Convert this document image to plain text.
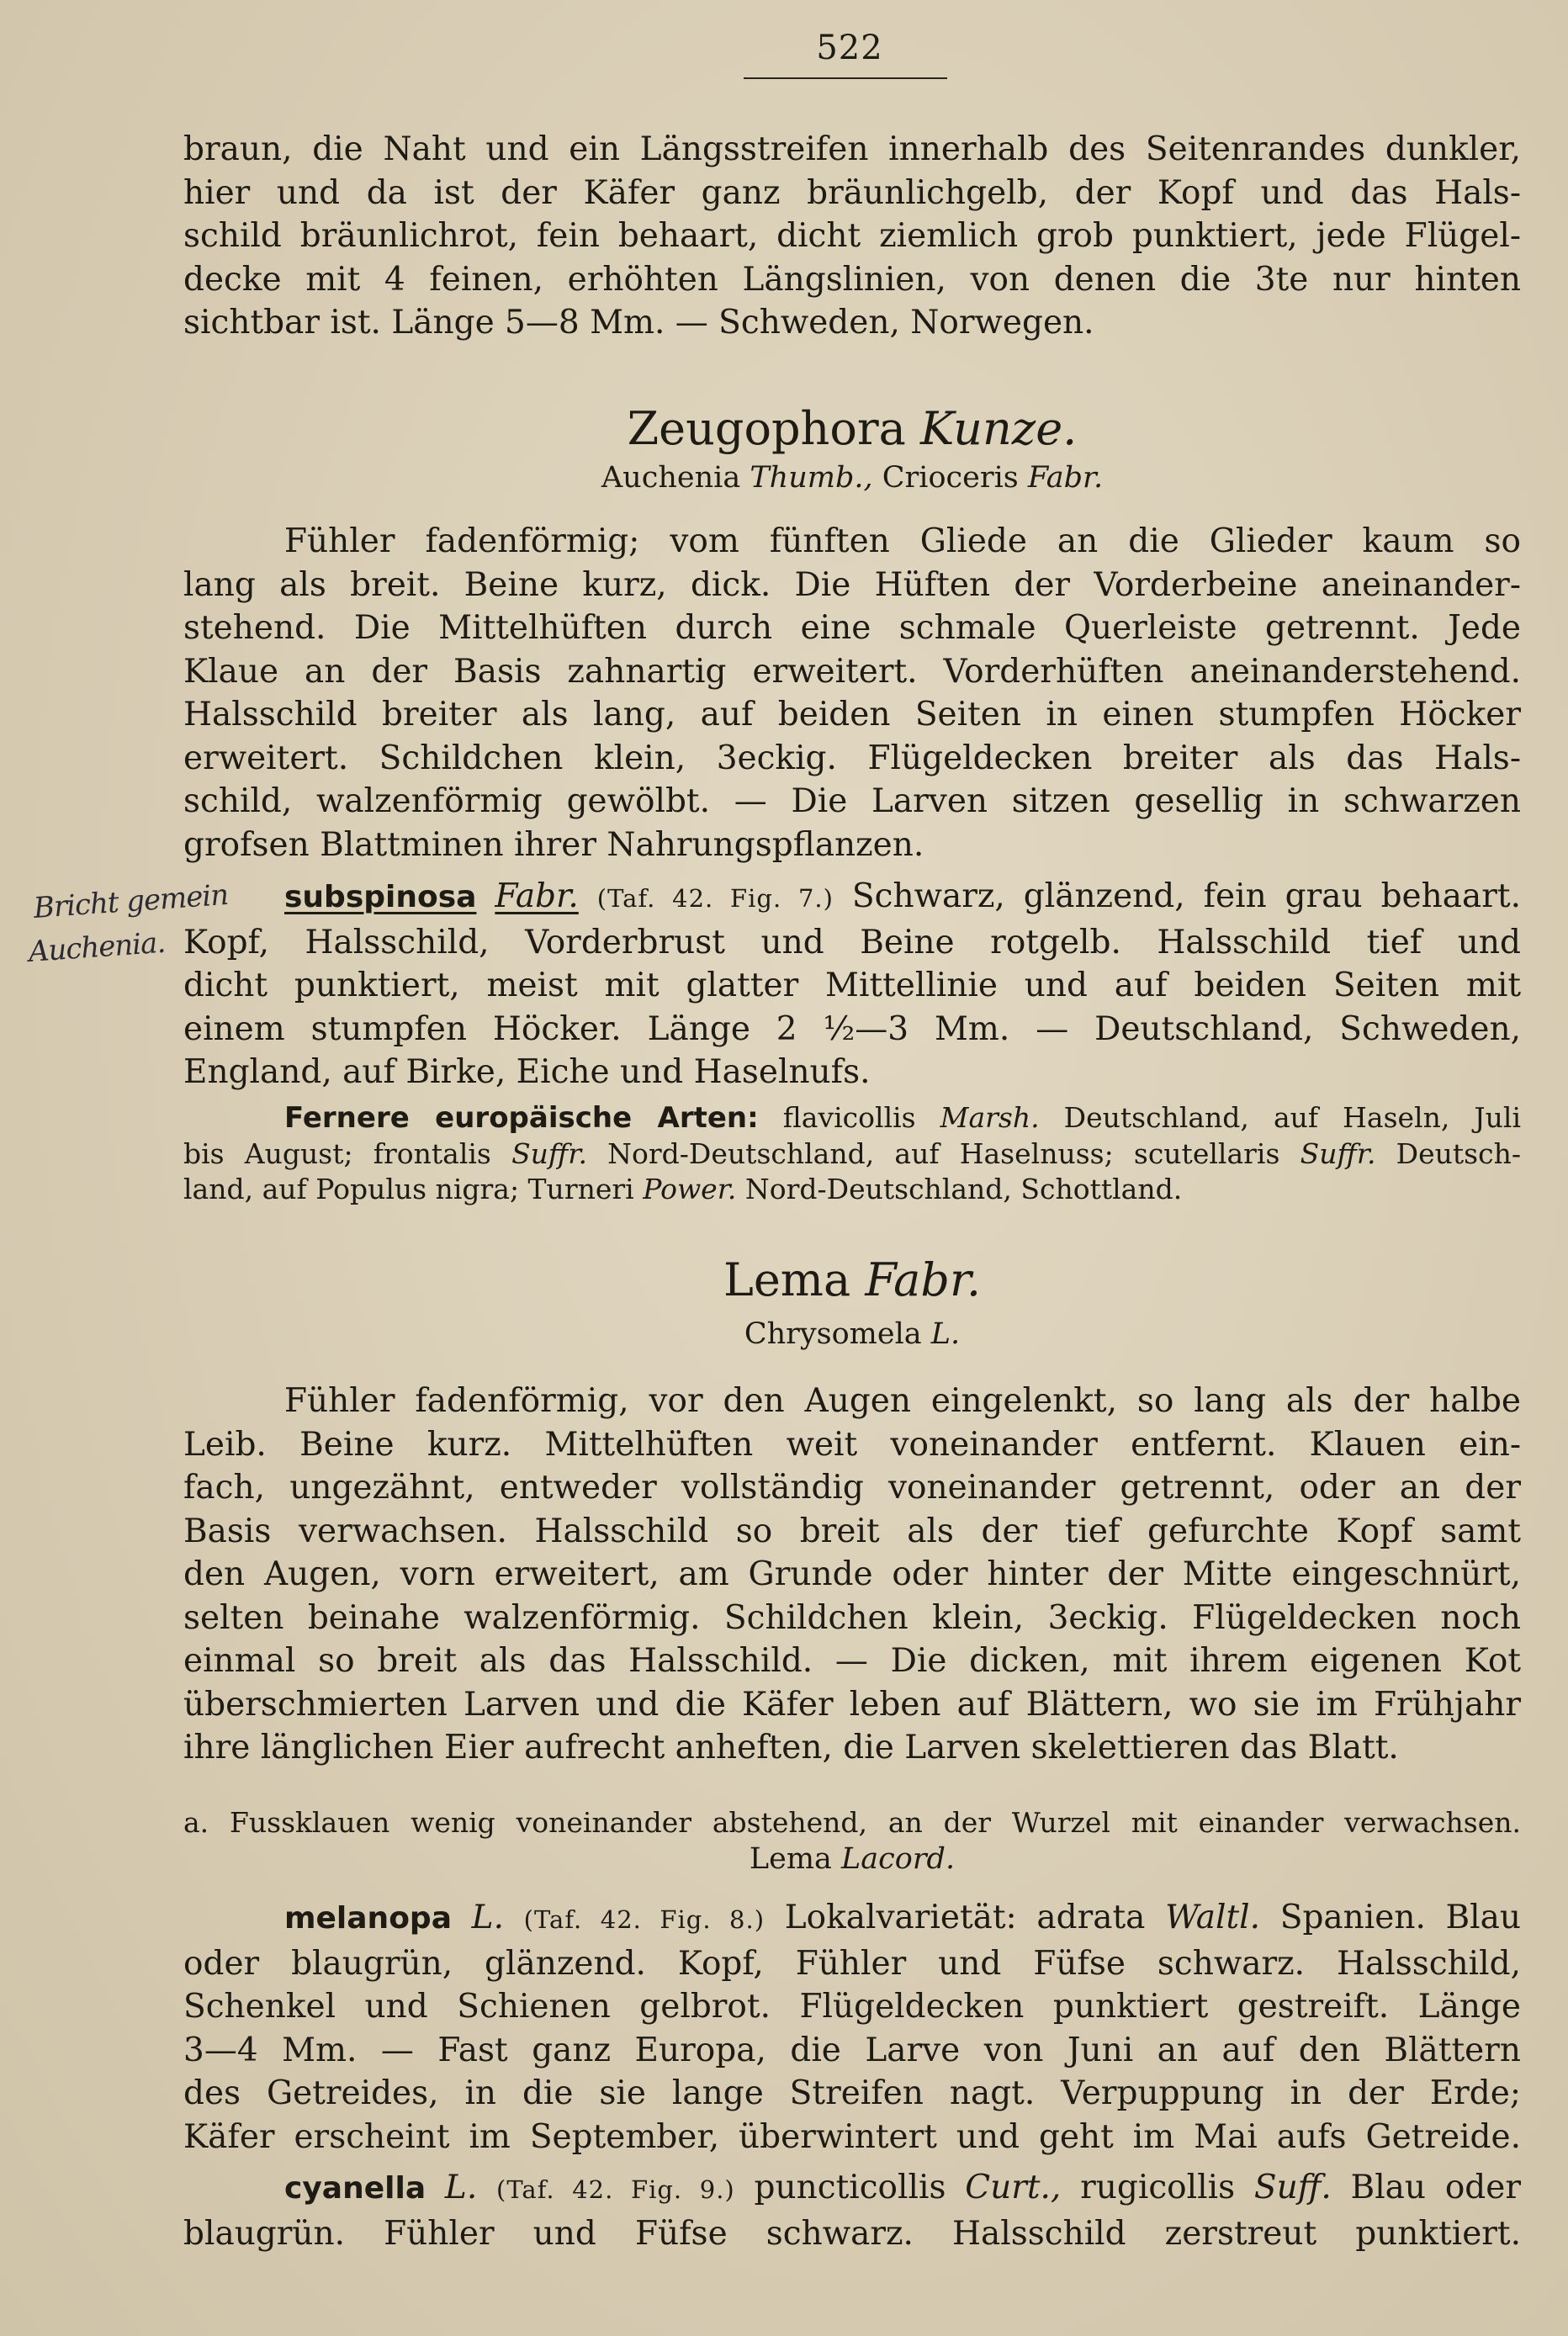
522
braun, die Naht und ein Längsstreifen innerhalb des Seitenrandes dunkler,
hier und da ist der Käfer ganz bräunlichgelb, der Kopf und das Hals-
schild bräunlichrot, fein behaart, dicht ziemlich grob punktiert, jede Flügel-
decke mit 4 feinen, erhöhten Längslinien, von denen die 3te nur hinten
sichtbar ist. Länge 5—8 Mm. — Schweden, Norwegen.
Zeugophora Kunze.
Auchenia Thumb., Crioceris Fabr.
Fühler fadenförmig; vom fünften Gliede an die Glieder kaum so
lang als breit. Beine kurz, dick. Die Hüften der Vorderbeine aneinander-
stehend. Die Mittelhüften durch eine schmale Querleiste getrennt. Jede
Klaue an der Basis zahnartig erweitert. Vorderhüften aneinanderstehend.
Halsschild breiter als lang, auf beiden Seiten in einen stumpfen Höcker
erweitert. Schildchen klein, 3eckig. Flügeldecken breiter als das Hals-
schild, walzenförmig gewölbt. — Die Larven sitzen gesellig in schwarzen
grofsen Blattminen ihrer Nahrungspflanzen.
Bricht gemein
Auchenia.
subspinosa Fabr. (Taf. 42. Fig. 7.) Schwarz, glänzend, fein grau behaart.
Kopf, Halsschild, Vorderbrust und Beine rotgelb. Halsschild tief und
dicht punktiert, meist mit glatter Mittellinie und auf beiden Seiten mit
einem stumpfen Höcker. Länge 2 ½—3 Mm. — Deutschland, Schweden,
England, auf Birke, Eiche und Haselnufs.
Fernere europäische Arten: flavicollis Marsh. Deutschland, auf Haseln, Juli
bis August; frontalis Suffr. Nord-Deutschland, auf Haselnuss; scutellaris Suffr. Deutsch-
land, auf Populus nigra; Turneri Power. Nord-Deutschland, Schottland.
Lema Fabr.
Chrysomela L.
Fühler fadenförmig, vor den Augen eingelenkt, so lang als der halbe
Leib. Beine kurz. Mittelhüften weit voneinander entfernt. Klauen ein-
fach, ungezähnt, entweder vollständig voneinander getrennt, oder an der
Basis verwachsen. Halsschild so breit als der tief gefurchte Kopf samt
den Augen, vorn erweitert, am Grunde oder hinter der Mitte eingeschnürt,
selten beinahe walzenförmig. Schildchen klein, 3eckig. Flügeldecken noch
einmal so breit als das Halsschild. — Die dicken, mit ihrem eigenen Kot
überschmierten Larven und die Käfer leben auf Blättern, wo sie im Frühjahr
ihre länglichen Eier aufrecht anheften, die Larven skelettieren das Blatt.
a. Fussklauen wenig voneinander abstehend, an der Wurzel mit einander verwachsen.
Lema Lacord.
melanopa L. (Taf. 42. Fig. 8.) Lokalvarietät: adrata Waltl. Spanien. Blau
oder blaugrün, glänzend. Kopf, Fühler und Füfse schwarz. Halsschild,
Schenkel und Schienen gelbrot. Flügeldecken punktiert gestreift. Länge
3—4 Mm. — Fast ganz Europa, die Larve von Juni an auf den Blättern
des Getreides, in die sie lange Streifen nagt. Verpuppung in der Erde;
Käfer erscheint im September, überwintert und geht im Mai aufs Getreide.
cyanella L. (Taf. 42. Fig. 9.) puncticollis Curt., rugicollis Suff. Blau oder
blaugrün. Fühler und Füfse schwarz. Halsschild zerstreut punktiert.
